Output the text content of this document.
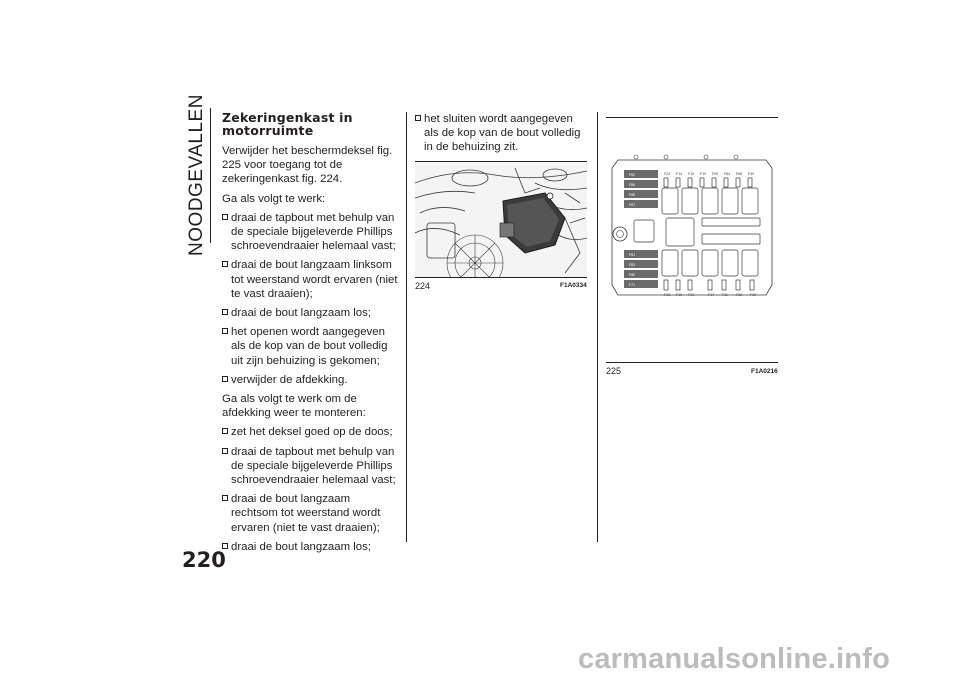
NOODGEVALLEN Zekeringenkast in
motorruimte

Verwijder het beschermdeksel fig. 225 voor toegang tot de zekeringenkast fig. 224.

Ga als volgt te werk:

draai de tapbout met behulp van de speciale bijgeleverde Phillips schroevendraaier helemaal vast;
draai de bout langzaam linksom tot weerstand wordt ervaren (niet te vast draaien);
draai de bout langzaam los;
het openen wordt aangegeven als de kop van de bout volledig uit zijn behuizing is gekomen;
verwijder de afdekking.

Ga als volgt te werk om de afdekking weer te monteren:

zet het deksel goed op de doos;
draai de tapbout met behulp van de speciale bijgeleverde Phillips schroevendraaier helemaal vast;
draai de bout langzaam rechtsom tot weerstand wordt ervaren (niet te vast draaien);
draai de bout langzaam los;
het sluiten wordt aangegeven als de kop van de bout volledig in de behuizing zit.
224	F1A0334
F82
F86
F85
F87
F81
F83
F80
F71
F24 F14 F15 F10 F09 F84 F88 F30
F23 F19 F21	F17 F11 F22 F20
225	F1A0216
220
carmanualsonline.info
